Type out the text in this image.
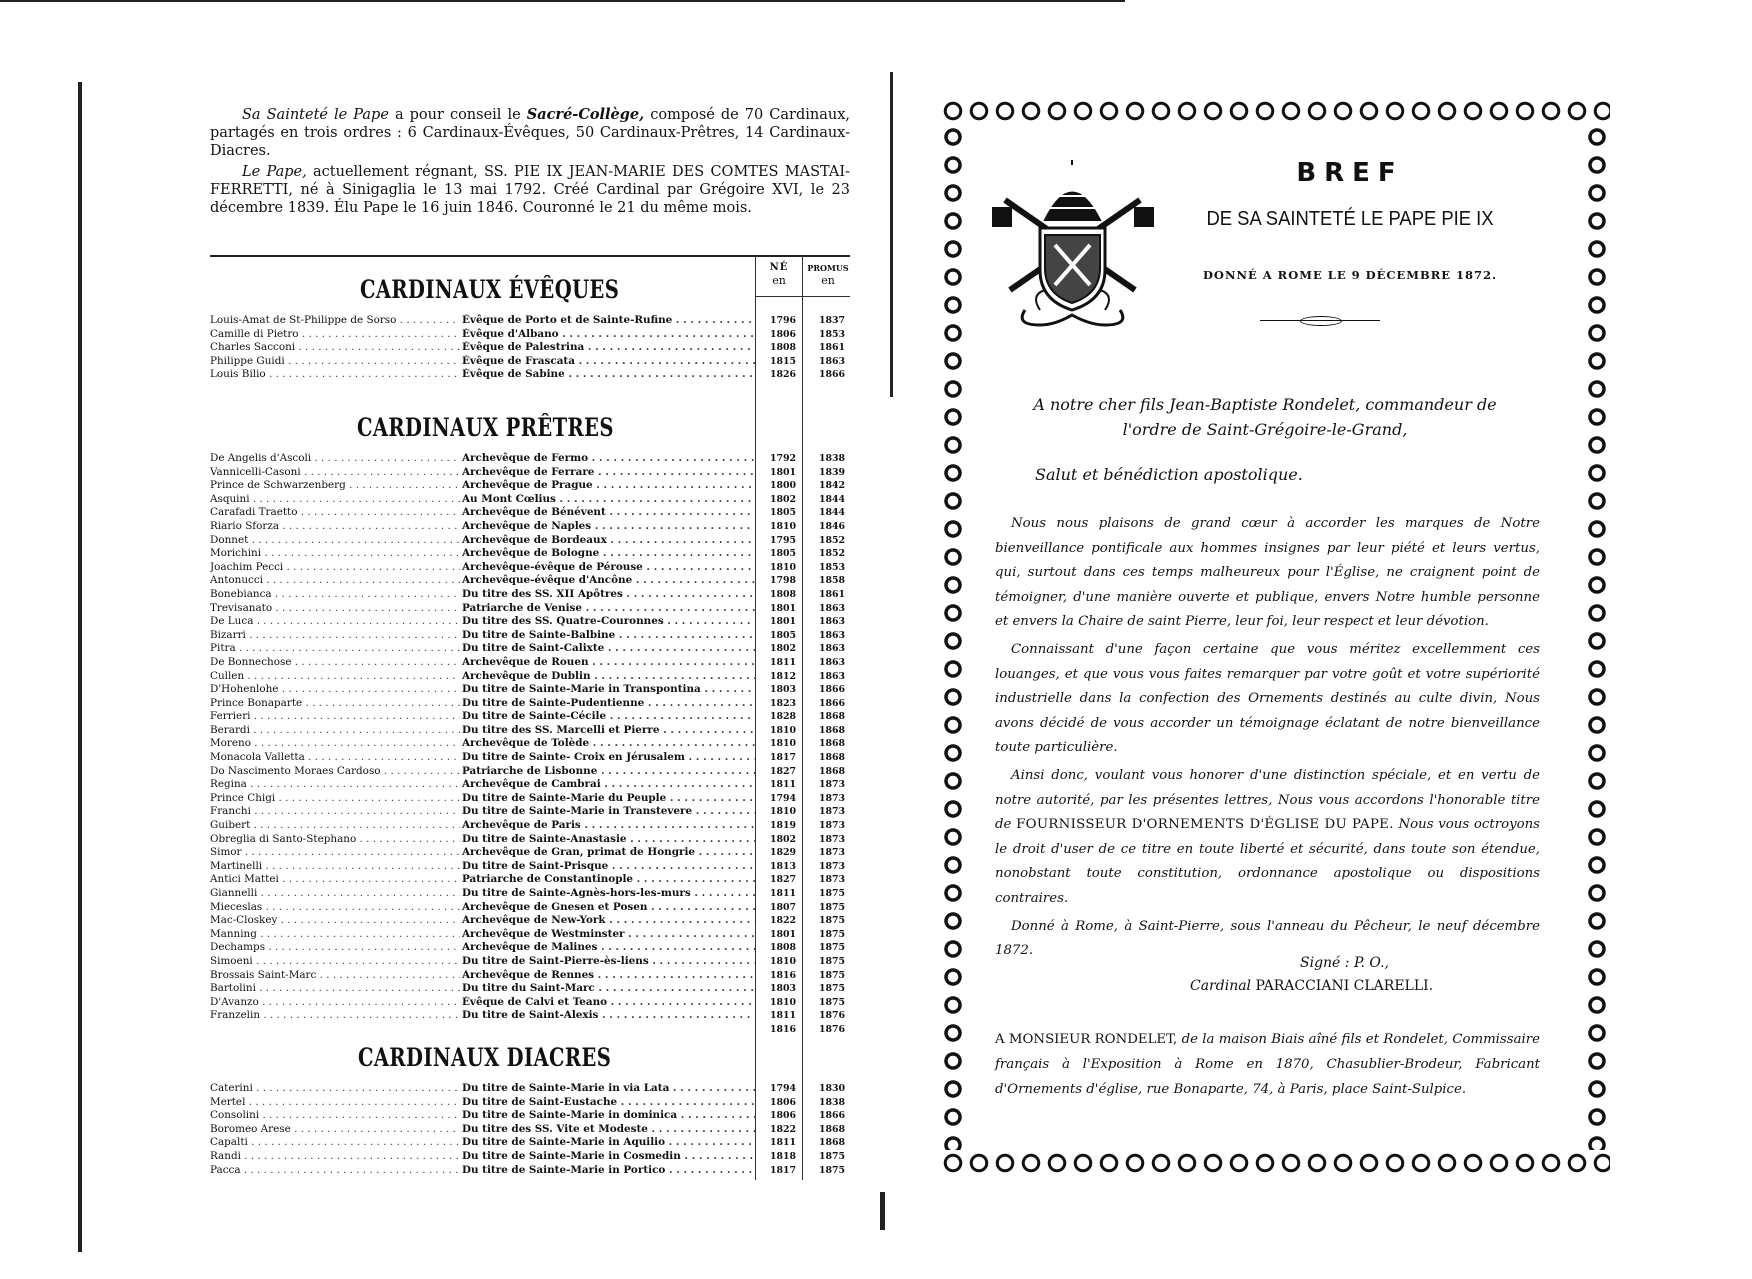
Sa Sainteté le Pape a pour conseil le Sacré-Collège, composé de 70 Cardinaux, partagés en trois ordres : 6 Cardinaux-Évêques, 50 Cardinaux-Prêtres, 14 Cardinaux-Diacres.

Le Pape, actuellement régnant, SS. PIE IX JEAN-MARIE DES COMTES MASTAI-FERRETTI, né à Sinigaglia le 13 mai 1792. Créé Cardinal par Grégoire XVI, le 23 décembre 1839. Élu Pape le 16 juin 1846. Couronné le 21 du même mois.

NÉ
en
PROMUS
en
CARDINAUX ÉVÊQUES
Louis-Amat de St-Philippe de Sorso . . .	Évêque de Porto et de Sainte-Rufine . . .	1796	1837
Camille di Pietro . . .	Évêque d'Albano . . .	1806	1853
Charles Sacconi . . .	Évêque de Palestrina . . .	1808	1861
Philippe Guidi . . .	Évêque de Frascata . . .	1815	1863
Louis Bilio . . .	Évêque de Sabine . . .	1826	1866
CARDINAUX PRÊTRES
De Angelis d'Ascoli . . .	Archevêque de Fermo . . .	1792	1838
Vannicelli-Casoni . . .	Archevêque de Ferrare . . .	1801	1839
Prince de Schwarzenberg . . .	Archevêque de Prague . . .	1800	1842
Asquini . . .	Au Mont Cœlius . . .	1802	1844
Carafadi Traetto . . .	Archevêque de Bénévent . . .	1805	1844
Riario Sforza . . .	Archevêque de Naples . . .	1810	1846
Donnet . . .	Archevêque de Bordeaux . . .	1795	1852
Morichini . . .	Archevêque de Bologne . . .	1805	1852
Joachim Pecci . . .	Archevêque-évêque de Pérouse . . .	1810	1853
Antonucci . . .	Archevêque-évêque d'Ancône . . .	1798	1858
Bonebianca . . .	Du titre des SS. XII Apôtres . . .	1808	1861
Trevisanato . . .	Patriarche de Venise . . .	1801	1863
De Luca . . .	Du titre des SS. Quatre-Couronnes . . .	1801	1863
Bizarri . . .	Du titre de Sainte-Balbine . . .	1805	1863
Pitra . . .	Du titre de Saint-Calixte . . .	1802	1863
De Bonnechose . . .	Archevêque de Rouen . . .	1811	1863
Cullen . . .	Archevêque de Dublin . . .	1812	1863
D'Hohenlohe . . .	Du titre de Sainte-Marie in Transpontina . . .	1803	1866
Prince Bonaparte . . .	Du titre de Sainte-Pudentienne . . .	1823	1866
Ferrieri . . .	Du titre de Sainte-Cécile . . .	1828	1868
Berardi . . .	Du titre des SS. Marcelli et Pierre . . .	1810	1868
Moreno . . .	Archevêque de Tolède . . .	1810	1868
Monacola Valletta . . .	Du titre de Sainte- Croix en Jérusalem . . .	1817	1868
Do Nascimento Moraes Cardoso . . .	Patriarche de Lisbonne . . .	1827	1868
Regina . . .	Archevêque de Cambrai . . .	1811	1873
Prince Chigi . . .	Du titre de Sainte-Marie du Peuple . . .	1794	1873
Franchi . . .	Du titre de Sainte-Marie in Transtevere . . .	1810	1873
Guibert . . .	Archevêque de Paris . . .	1819	1873
Obreglia di Santo-Stephano . . .	Du titre de Sainte-Anastasie . . .	1802	1873
Simor . . .	Archevêque de Gran, primat de Hongrie . . .	1829	1873
Martinelli . . .	Du titre de Saint-Prisque . . .	1813	1873
Antici Mattei . . .	Patriarche de Constantinople . . .	1827	1873
Giannelli . . .	Du titre de Sainte-Agnès-hors-les-murs . . .	1811	1875
Mieceslas . . .	Archevêque de Gnesen et Posen . . .	1807	1875
Mac-Closkey . . .	Archevêque de New-York . . .	1822	1875
Manning . . .	Archevêque de Westminster . . .	1801	1875
Dechamps . . .	Archevêque de Malines . . .	1808	1875
Simoeni . . .	Du titre de Saint-Pierre-ès-liens . . .	1810	1875
Brossais Saint-Marc . . .	Archevêque de Rennes . . .	1816	1875
Bartolini . . .	Du titre du Saint-Marc . . .	1803	1875
D'Avanzo . . .	Évêque de Calvi et Teano . . .	1810	1875
Franzelin . . .	Du titre de Saint-Alexis . . .	1811	1876
1816	1876
CARDINAUX DIACRES
Caterini . . .	Du titre de Sainte-Marie in via Lata . . .	1794	1830
Mertel . . .	Du titre de Saint-Eustache . . .	1806	1838
Consolini . . .	Du titre de Sainte-Marie in dominica . . .	1806	1866
Boromeo Arese . . .	Du titre des SS. Vite et Modeste . . .	1822	1868
Capalti . . .	Du titre de Sainte-Marie in Aquilio . . .	1811	1868
Randi . . .	Du titre de Sainte-Marie in Cosmedin . . .	1818	1875
Pacca . . .	Du titre de Sainte-Marie in Portico . . .	1817	1875
BREF
DE SA SAINTETÉ LE PAPE PIE IX
DONNÉ A ROME LE 9 DÉCEMBRE 1872.
A notre cher fils Jean-Baptiste Rondelet, commandeur de
l'ordre de Saint-Grégoire-le-Grand,
Salut et bénédiction apostolique.

Nous nous plaisons de grand cœur à accorder les marques de Notre bienveillance pontificale aux hommes insignes par leur piété et leurs vertus, qui, surtout dans ces temps malheureux pour l'Église, ne craignent point de témoigner, d'une manière ouverte et publique, envers Notre humble personne et envers la Chaire de saint Pierre, leur foi, leur respect et leur dévotion.

Connaissant d'une façon certaine que vous méritez excellemment ces louanges, et que vous vous faites remarquer par votre goût et votre supériorité industrielle dans la confection des Ornements destinés au culte divin, Nous avons décidé de vous accorder un témoignage éclatant de notre bienveillance toute particulière.

Ainsi donc, voulant vous honorer d'une distinction spéciale, et en vertu de notre autorité, par les présentes lettres, Nous vous accordons l'honorable titre de FOURNISSEUR D'ORNEMENTS D'ÉGLISE DU PAPE. Nous vous octroyons le droit d'user de ce titre en toute liberté et sécurité, dans toute son étendue, nonobstant toute constitution, ordonnance apostolique ou dispositions contraires.

Donné à Rome, à Saint-Pierre, sous l'anneau du Pêcheur, le neuf décembre 1872.

Signé : P. O.,
Cardinal PARACCIANI CLARELLI.
A MONSIEUR RONDELET, de la maison Biais aîné fils et Rondelet, Commissaire français à l'Exposition à Rome en 1870, Chasublier-Brodeur, Fabricant d'Ornements d'église, rue Bonaparte, 74, à Paris, place Saint-Sulpice.
